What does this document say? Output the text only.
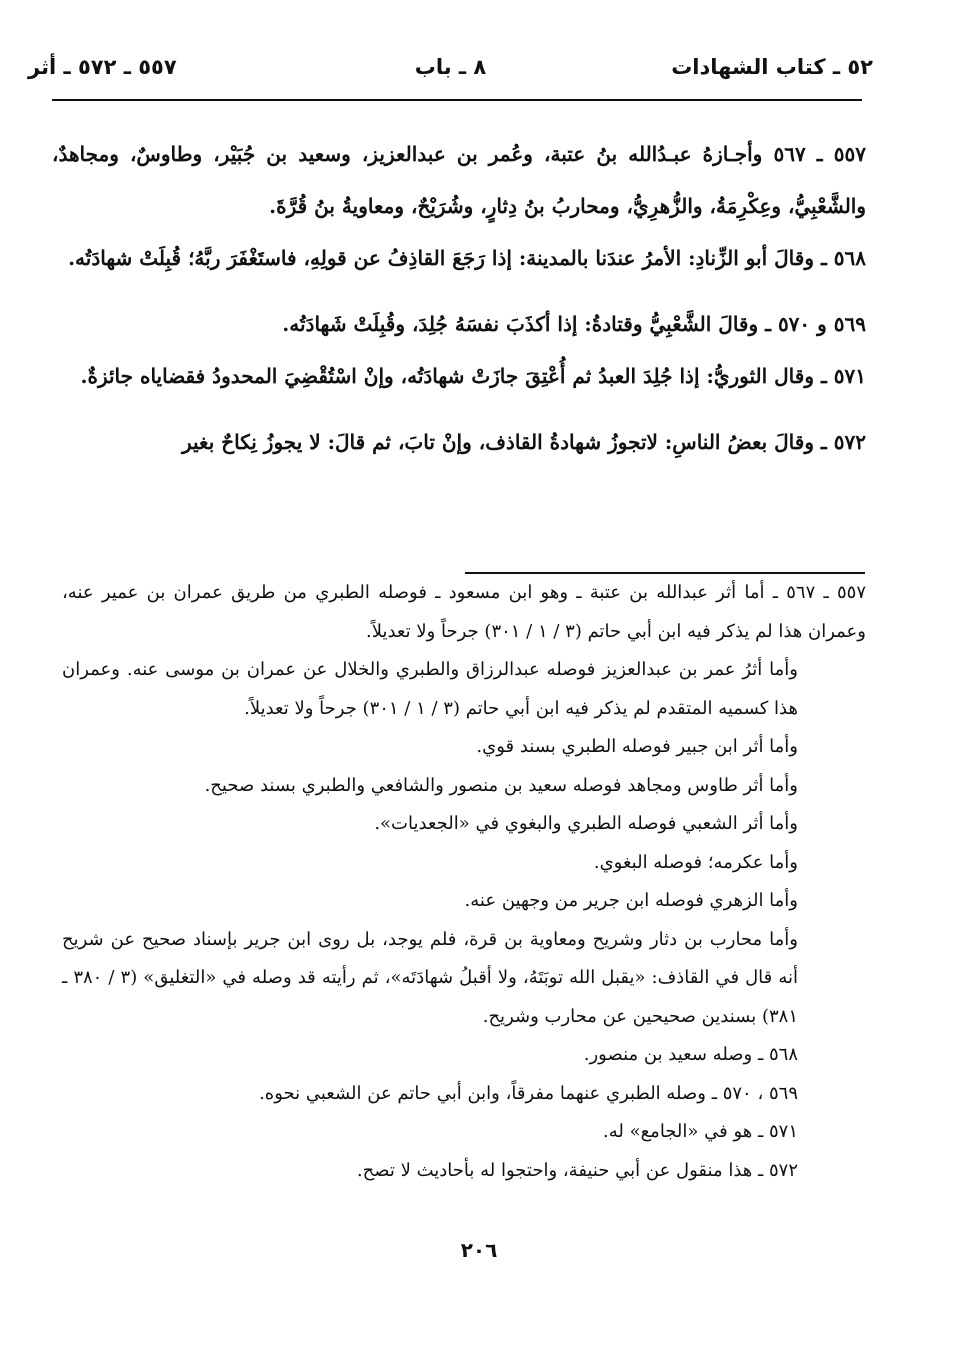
٥٢ ـ كتاب الشهادات
٨ ـ باب
٥٥٧ ـ ٥٧٢ ـ أثر

٥٥٧ ـ ٥٦٧ وأجـازهُ عبـدُالله بنُ عتبة، وعُمر بن عبدالعزيز، وسعيد بن جُبَيْر، وطاوسٌ، ومجاهدٌ، والشَّعْبِيُّ، وعِكْرِمَةُ، والزُّهرِيُّ، ومحاربُ بنُ دِثارٍ، وشُرَيْحٌ، ومعاويةُ بنُ قُرَّةَ.

٥٦٨ ـ وقالَ أبو الزِّنادِ: الأمرُ عندَنا بالمدينة: إذا رَجَعَ القاذِفُ عن قولِهِ، فاستَغْفَرَ ربَّهُ؛ قُبِلَتْ شهادَتُه.

٥٦٩ و ٥٧٠ ـ وقالَ الشَّعْبِيُّ وقتادةُ: إذا أكذَبَ نفسَهُ جُلِدَ، وقُبِلَتْ شَهادَتُه.

٥٧١ ـ وقال الثوريُّ: إذا جُلِدَ العبدُ ثم أُعْتِقَ جازَتْ شهادَتُه، وإنْ اسْتُقْضِيَ المحدودُ فقضاياه جائزةٌ.

٥٧٢ ـ وقالَ بعضُ الناسِ: لاتجوزُ شهادةُ القاذف، وإنْ تابَ، ثم قالَ: لا يجوزُ نِكاحٌ بغير

٥٥٧ ـ ٥٦٧ ـ أما أثر عبدالله بن عتبة ـ وهو ابن مسعود ـ فوصله الطبري من طريق عمران بن عمير عنه، وعمران هذا لم يذكر فيه ابن أبي حاتم (٣ / ١ / ٣٠١) جرحاً ولا تعديلاً.

وأما أثرُ عمر بن عبدالعزيز فوصله عبدالرزاق والطبري والخلال عن عمران بن موسى عنه. وعمران هذا كسميه المتقدم لم يذكر فيه ابن أبي حاتم (٣ / ١ / ٣٠١) جرحاً ولا تعديلاً.

وأما أثر ابن جبير فوصله الطبري بسند قوي.

وأما أثر طاوس ومجاهد فوصله سعيد بن منصور والشافعي والطبري بسند صحيح.

وأما أثر الشعبي فوصله الطبري والبغوي في «الجعديات».

وأما عكرمه؛ فوصله البغوي.

وأما الزهري فوصله ابن جرير من وجهين عنه.

وأما محارب بن دثار وشريح ومعاوية بن قرة، فلم يوجد، بل روى ابن جرير بإسناد صحيح عن شريح أنه قال في القاذف: «يقبل الله توبَتَهُ، ولا أقبلُ شهادَتَه»، ثم رأيته قد وصله في «التغليق» (٣ / ٣٨٠ ـ ٣٨١) بسندين صحيحين عن محارب وشريح.

٥٦٨ ـ وصله سعيد بن منصور.

٥٦٩ ، ٥٧٠ ـ وصله الطبري عنهما مفرقاً، وابن أبي حاتم عن الشعبي نحوه.

٥٧١ ـ هو في «الجامع» له.

٥٧٢ ـ هذا منقول عن أبي حنيفة، واحتجوا له بأحاديث لا تصح.

٢٠٦
